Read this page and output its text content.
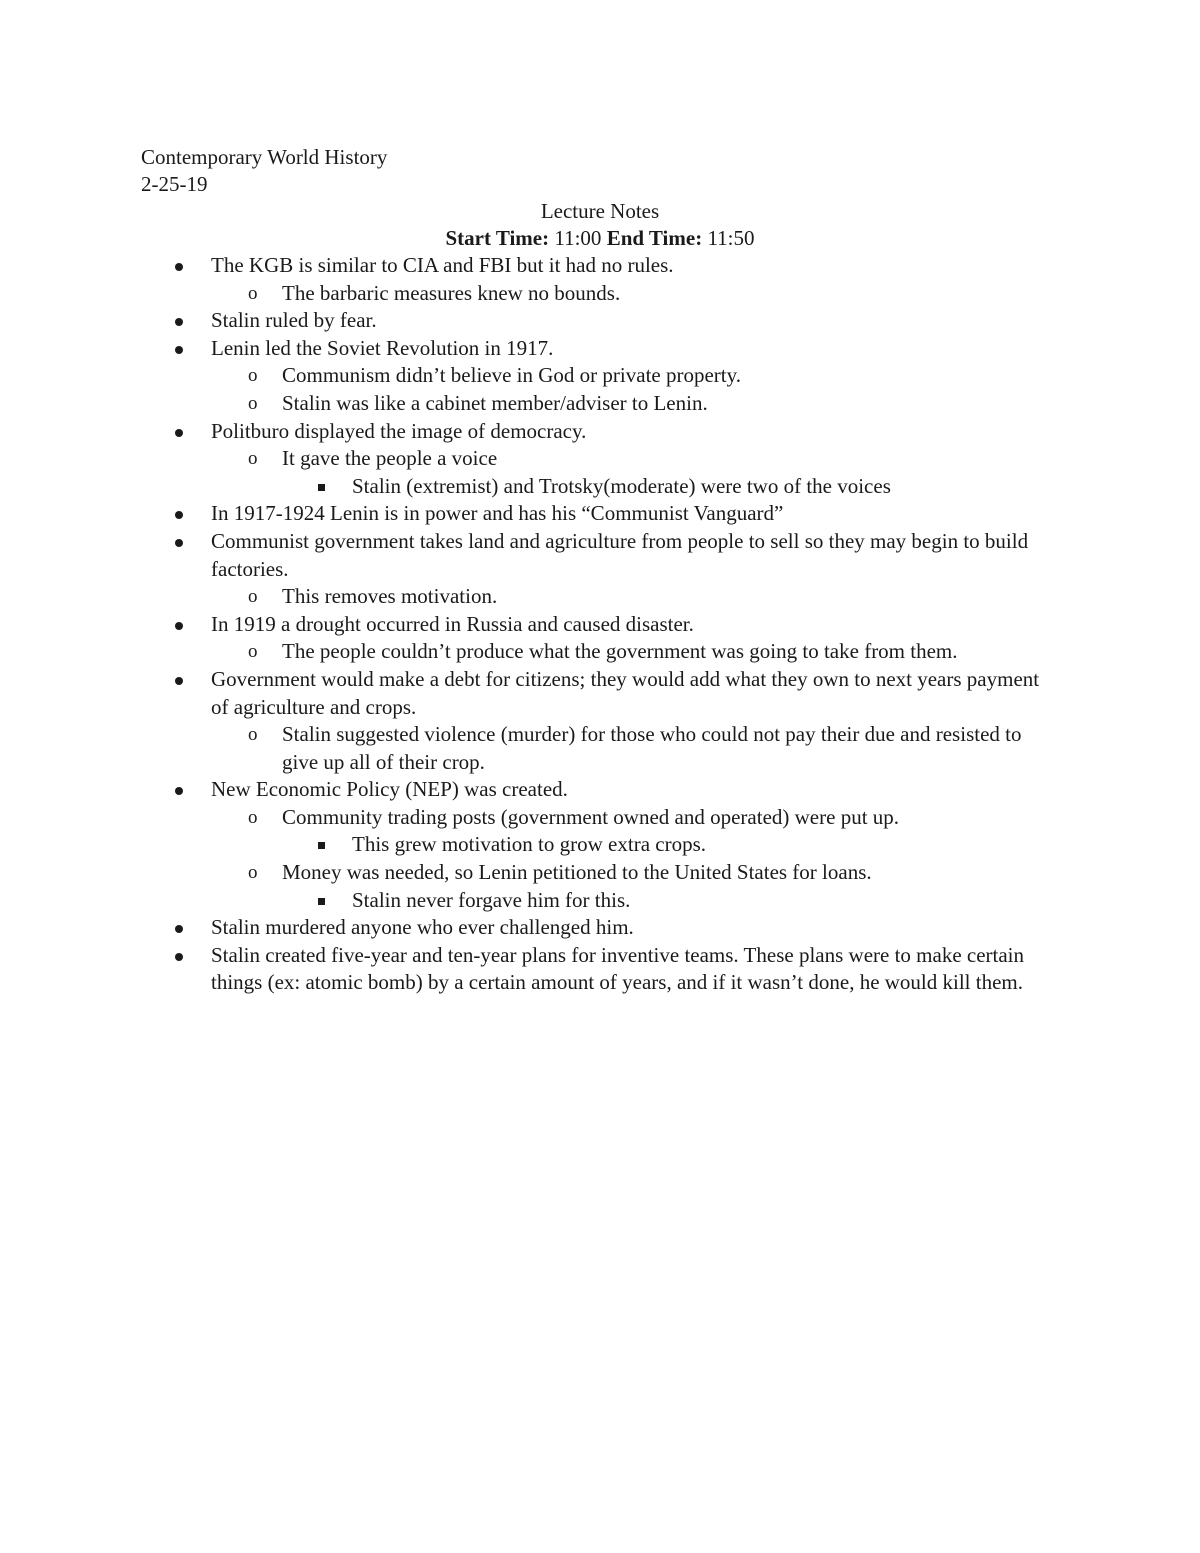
Contemporary World History
2-25-19
Lecture Notes
Start Time: 11:00 End Time: 11:50
The KGB is similar to CIA and FBI but it had no rules.
o The barbaric measures knew no bounds.
Stalin ruled by fear.
Lenin led the Soviet Revolution in 1917.
o Communism didn’t believe in God or private property.
o Stalin was like a cabinet member/adviser to Lenin.
Politburo displayed the image of democracy.
o It gave the people a voice
Stalin (extremist) and Trotsky(moderate) were two of the voices
In 1917-1924 Lenin is in power and has his “Communist Vanguard”
Communist government takes land and agriculture from people to sell so they may begin to build factories.
o This removes motivation.
In 1919 a drought occurred in Russia and caused disaster.
o The people couldn’t produce what the government was going to take from them.
Government would make a debt for citizens; they would add what they own to next years payment of agriculture and crops.
o Stalin suggested violence (murder) for those who could not pay their due and resisted to give up all of their crop.
New Economic Policy (NEP) was created.
o Community trading posts (government owned and operated) were put up.
This grew motivation to grow extra crops.
o Money was needed, so Lenin petitioned to the United States for loans.
Stalin never forgave him for this.
Stalin murdered anyone who ever challenged him.
Stalin created five-year and ten-year plans for inventive teams. These plans were to make certain things (ex: atomic bomb) by a certain amount of years, and if it wasn’t done, he would kill them.
